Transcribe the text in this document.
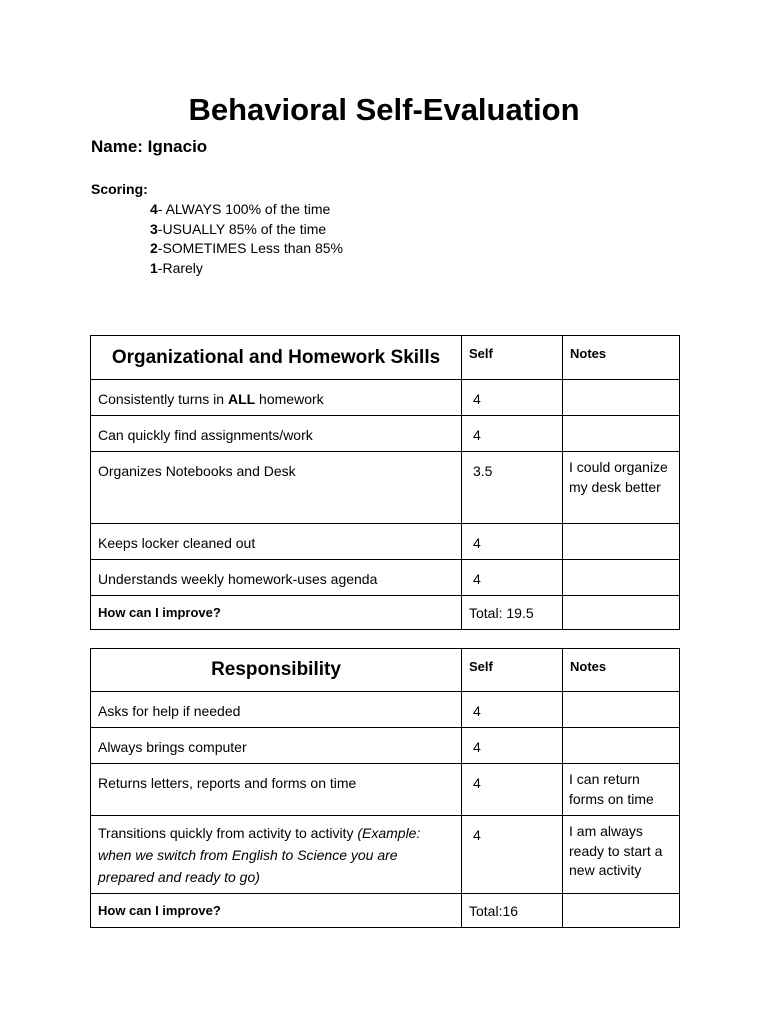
Behavioral Self-Evaluation
Name: Ignacio
Scoring:
4- ALWAYS 100% of the time
3-USUALLY 85% of the time
2-SOMETIMES Less than 85%
1-Rarely
Organizational and Homework Skills	Self	Notes
Consistently turns in ALL homework	4	
Can quickly find assignments/work	4	
Organizes Notebooks and Desk	3.5	I could organize my desk better
Keeps locker cleaned out	4	
Understands weekly homework-uses agenda	4	
How can I improve?	Total: 19.5	
Responsibility	Self	Notes
Asks for help if needed	4	
Always brings computer	4	
Returns letters, reports and forms on time	4	I can return forms on time
Transitions quickly from activity to activity (Example: when we switch from English to Science you are prepared and ready to go)	4	I am always ready to start a new activity
How can I improve?	Total:16	
